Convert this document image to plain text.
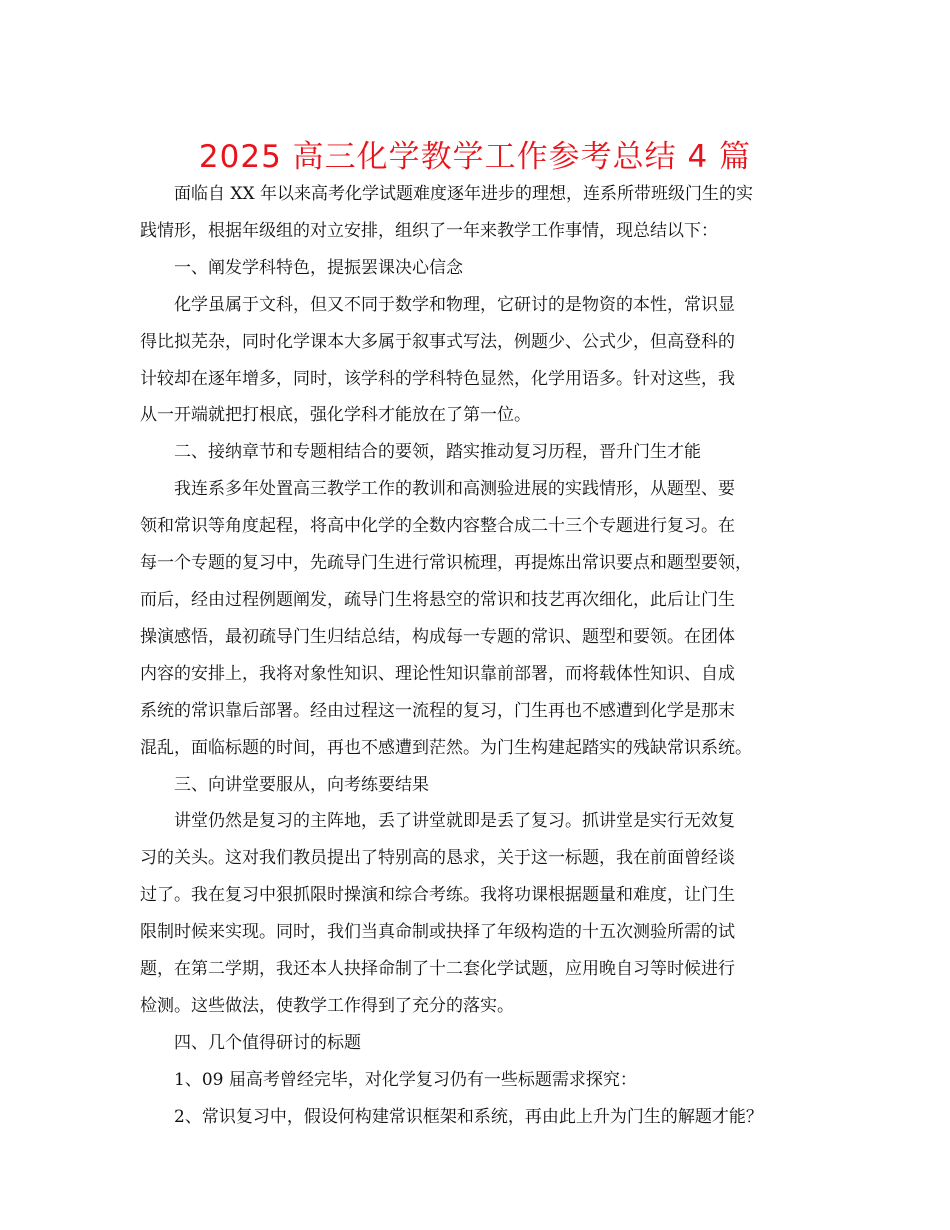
2025 高三化学教学工作参考总结 4 篇
面临自 XX 年以来高考化学试题难度逐年进步的理想，连系所带班级门生的实
践情形，根据年级组的对立安排，组织了一年来教学工作事情，现总结以下：
一、阐发学科特色，提振罢课决心信念
化学虽属于文科，但又不同于数学和物理，它研讨的是物资的本性，常识显
得比拟芜杂，同时化学课本大多属于叙事式写法，例题少、公式少，但高登科的
计较却在逐年增多，同时，该学科的学科特色显然，化学用语多。针对这些，我
从一开端就把打根底，强化学科才能放在了第一位。
二、接纳章节和专题相结合的要领，踏实推动复习历程，晋升门生才能
我连系多年处置高三教学工作的教训和高测验进展的实践情形，从题型、要
领和常识等角度起程，将高中化学的全数内容整合成二十三个专题进行复习。在
每一个专题的复习中，先疏导门生进行常识梳理，再提炼出常识要点和题型要领，
而后，经由过程例题阐发，疏导门生将悬空的常识和技艺再次细化，此后让门生
操演感悟，最初疏导门生归结总结，构成每一专题的常识、题型和要领。在团体
内容的安排上，我将对象性知识、理论性知识靠前部署，而将载体性知识、自成
系统的常识靠后部署。经由过程这一流程的复习，门生再也不感遭到化学是那末
混乱，面临标题的时间，再也不感遭到茫然。为门生构建起踏实的残缺常识系统。
三、向讲堂要服从，向考练要结果
讲堂仍然是复习的主阵地，丢了讲堂就即是丢了复习。抓讲堂是实行无效复
习的关头。这对我们教员提出了特别高的恳求，关于这一标题，我在前面曾经谈
过了。我在复习中狠抓限时操演和综合考练。我将功课根据题量和难度，让门生
限制时候来实现。同时，我们当真命制或抉择了年级构造的十五次测验所需的试
题，在第二学期，我还本人抉择命制了十二套化学试题，应用晚自习等时候进行
检测。这些做法，使教学工作得到了充分的落实。
四、几个值得研讨的标题
1、09 届高考曾经完毕，对化学复习仍有一些标题需求探究：
2、常识复习中，假设何构建常识框架和系统，再由此上升为门生的解题才能？
